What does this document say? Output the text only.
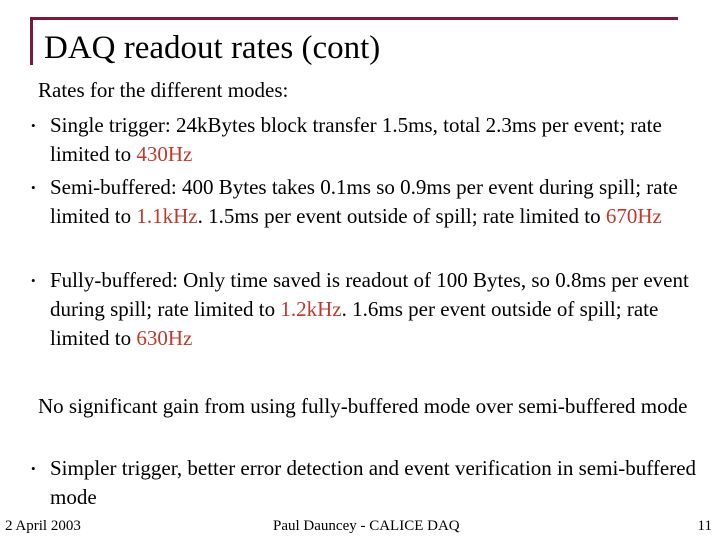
DAQ readout rates (cont)

Rates for the different modes:

• Single trigger: 24kBytes block transfer 1.5ms, total 2.3ms per event; rate limited to 430Hz
• Semi-buffered: 400 Bytes takes 0.1ms so 0.9ms per event during spill; rate limited to 1.1kHz. 1.5ms per event outside of spill; rate limited to 670Hz
• Fully-buffered: Only time saved is readout of 100 Bytes, so 0.8ms per event during spill; rate limited to 1.2kHz. 1.6ms per event outside of spill; rate limited to 630Hz

No significant gain from using fully-buffered mode over semi-buffered mode

• Simpler trigger, better error detection and event verification in semi-buffered mode
2 April 2003	Paul Dauncey - CALICE DAQ	11
